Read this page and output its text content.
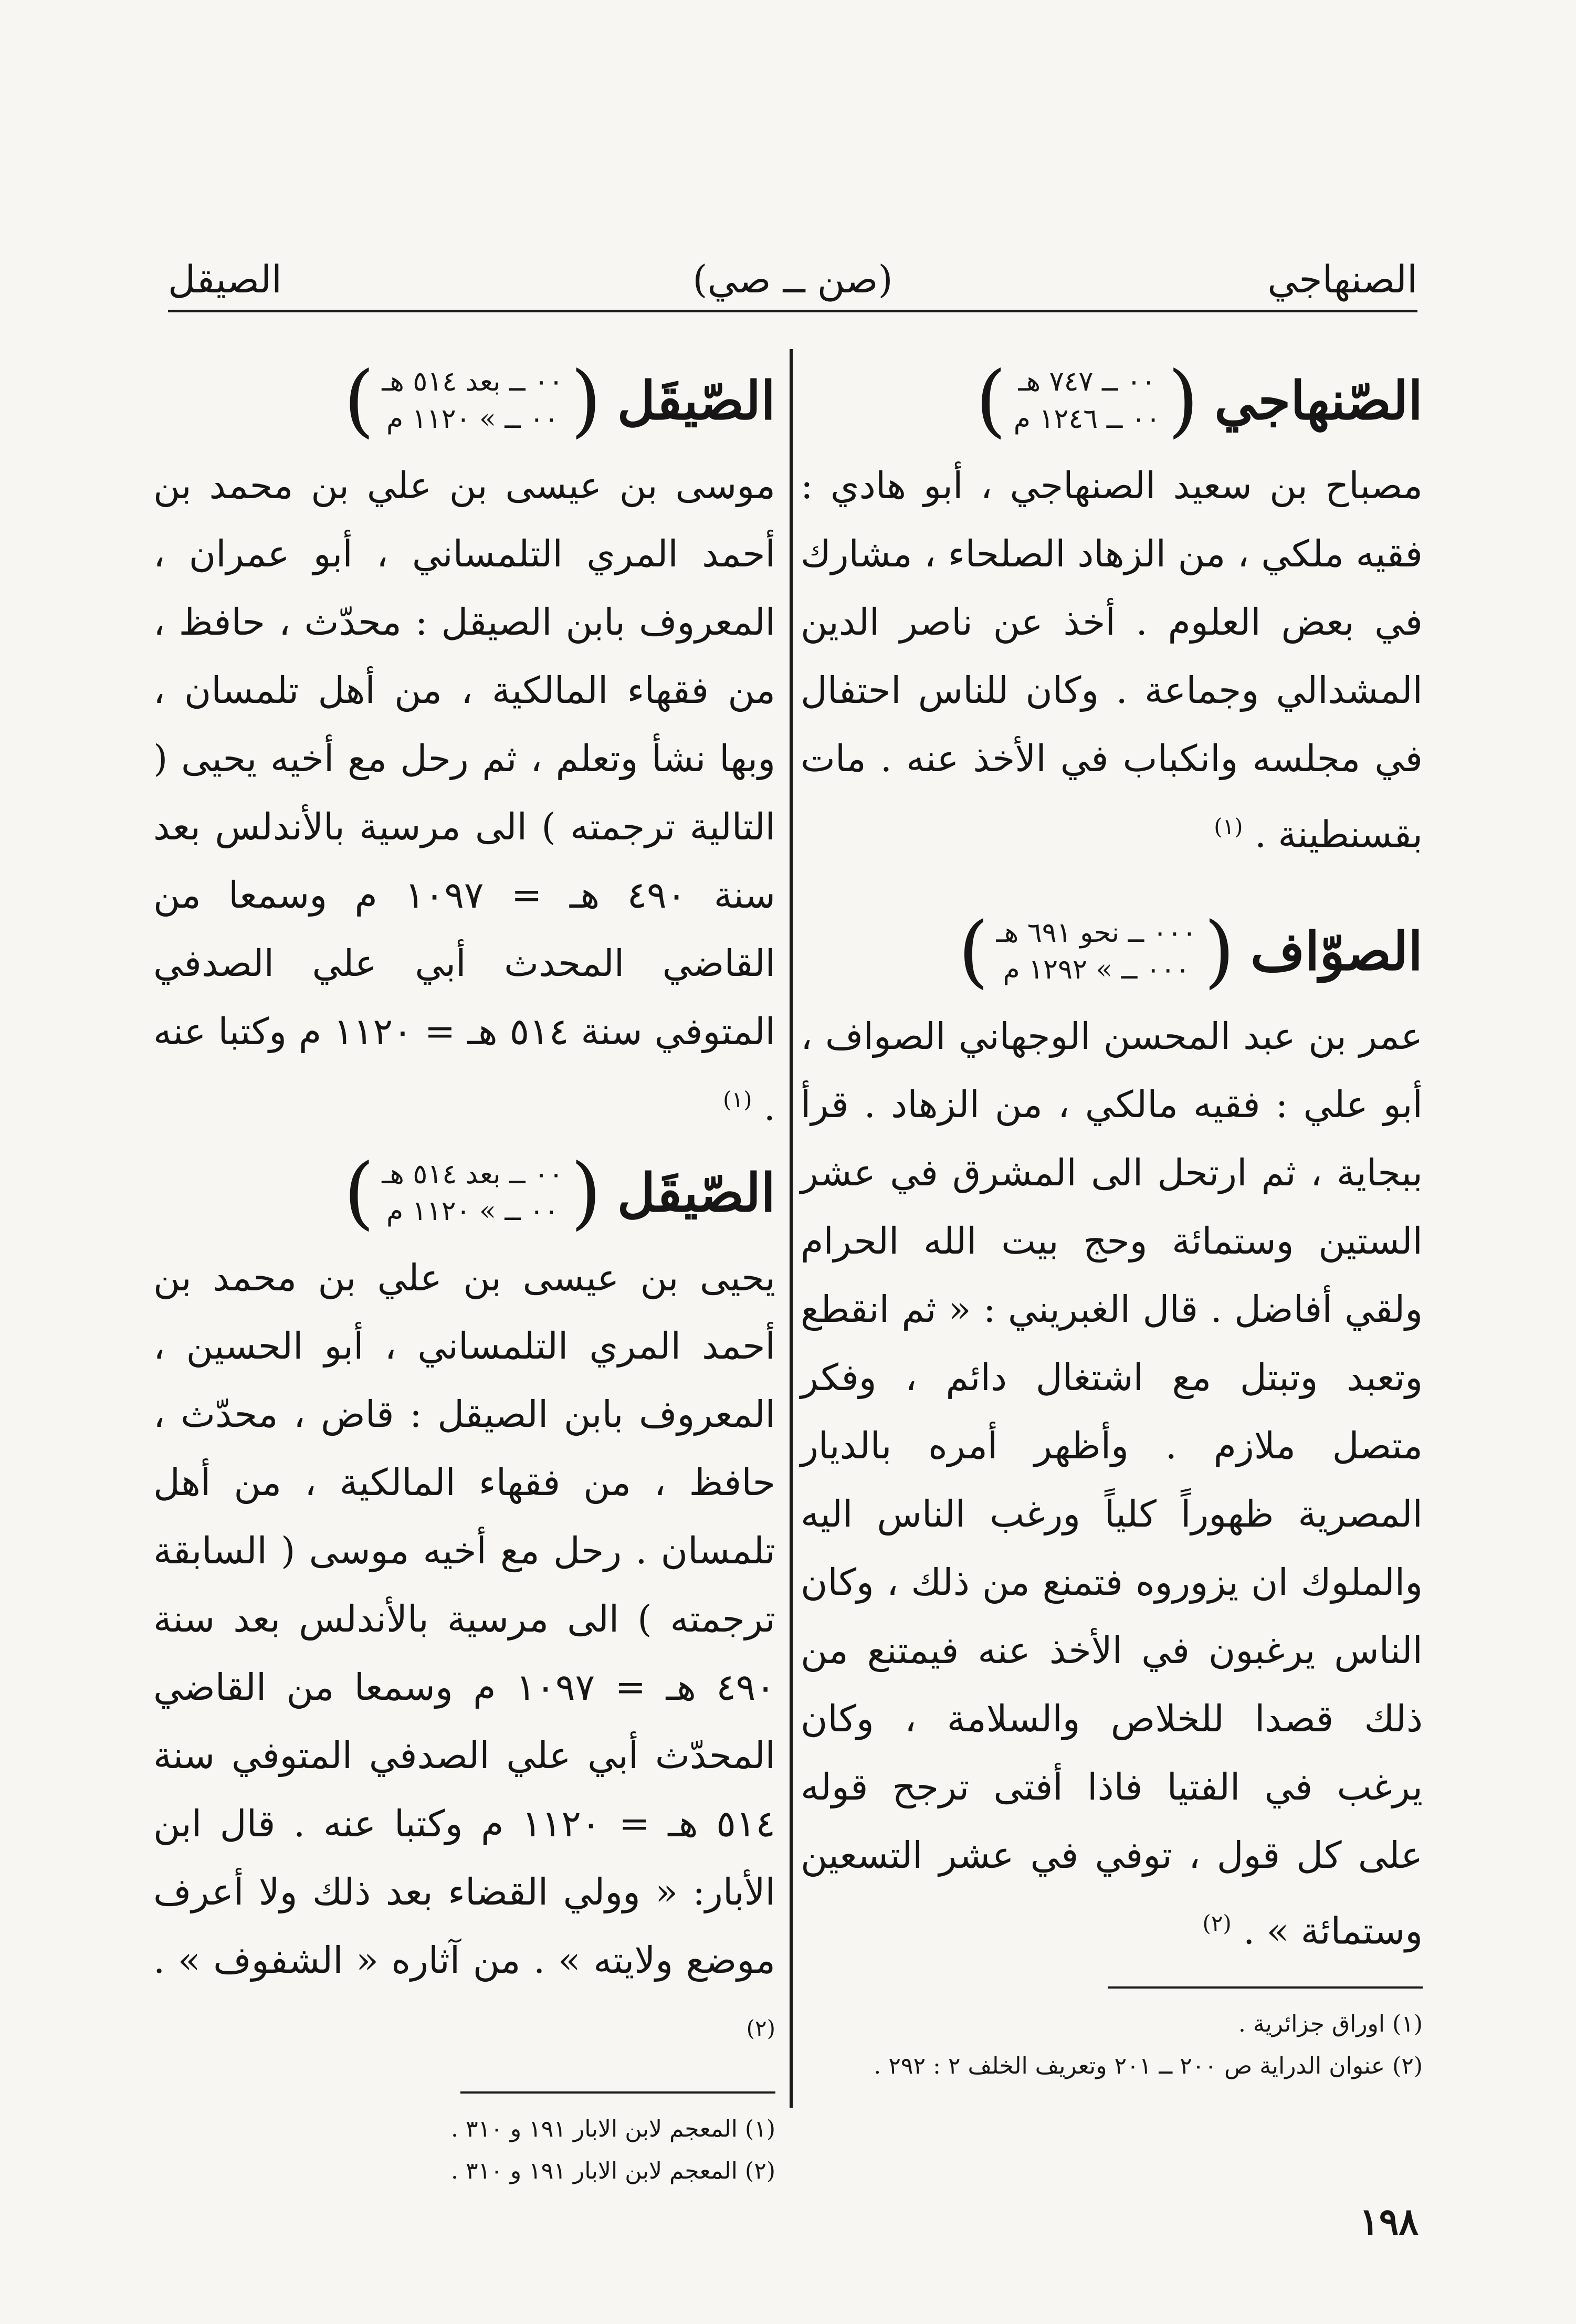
الصنهاجي
(صن ــ صي)
الصيقل
الصّنهاجي
(
٠٠ ــ ٧٤٧ هـ
٠٠ ــ ١٢٤٦ م
)

مصباح بن سعيد الصنهاجي ، أبو هادي : فقيه ملكي ، من الزهاد الصلحاء ، مشارك في بعض العلوم . أخذ عن ناصر الدين المشدالي وجماعة . وكان للناس احتفال في مجلسه وانكباب في الأخذ عنه . مات بقسنطينة . $^{(١)}$

الصوّاف
(
٠٠٠ ــ نحو ٦٩١ هـ
٠٠٠ ــ » ١٢٩٢ م
)

عمر بن عبد المحسن الوجهاني الصواف ، أبو علي : فقيه مالكي ، من الزهاد . قرأ ببجاية ، ثم ارتحل الى المشرق في عشر الستين وستمائة وحج بيت الله الحرام ولقي أفاضل . قال الغبريني : « ثم انقطع وتعبد وتبتل مع اشتغال دائم ، وفكر متصل ملازم . وأظهر أمره بالديار المصرية ظهوراً كلياً ورغب الناس اليه والملوك ان يزوروه فتمنع من ذلك ، وكان الناس يرغبون في الأخذ عنه فيمتنع من ذلك قصدا للخلاص والسلامة ، وكان يرغب في الفتيا فاذا أفتى ترجح قوله على كل قول ، توفي في عشر التسعين وستمائة » . $^{(٢)}$

(١) اوراق جزائرية .

(٢) عنوان الدراية ص ٢٠٠ ــ ٢٠١ وتعريف الخلف ٢ : ٢٩٢ .

الصّيقَل
(
٠٠ ــ بعد ٥١٤ هـ
٠٠ ــ » ١١٢٠ م
)

موسى بن عيسى بن علي بن محمد بن أحمد المري التلمساني ، أبو عمران ، المعروف بابن الصيقل : محدّث ، حافظ ، من فقهاء المالكية ، من أهل تلمسان ، وبها نشأ وتعلم ، ثم رحل مع أخيه يحيى ( التالية ترجمته ) الى مرسية بالأندلس بعد سنة ٤٩٠ هـ = ١٠٩٧ م وسمعا من القاضي المحدث أبي علي الصدفي المتوفي سنة ٥١٤ هـ = ١١٢٠ م وكتبا عنه . $^{(١)}$

الصّيقَل
(
٠٠ ــ بعد ٥١٤ هـ
٠٠ ــ » ١١٢٠ م
)

يحيى بن عيسى بن علي بن محمد بن أحمد المري التلمساني ، أبو الحسين ، المعروف بابن الصيقل : قاض ، محدّث ، حافظ ، من فقهاء المالكية ، من أهل تلمسان . رحل مع أخيه موسى ( السابقة ترجمته ) الى مرسية بالأندلس بعد سنة ٤٩٠ هـ = ١٠٩٧ م وسمعا من القاضي المحدّث أبي علي الصدفي المتوفي سنة ٥١٤ هـ = ١١٢٠ م وكتبا عنه . قال ابن الأبار: « وولي القضاء بعد ذلك ولا أعرف موضع ولايته » . من آثاره « الشفوف » . $^{(٢)}$

(١) المعجم لابن الابار ١٩١ و ٣١٠ .

(٢) المعجم لابن الابار ١٩١ و ٣١٠ .

١٩٨
